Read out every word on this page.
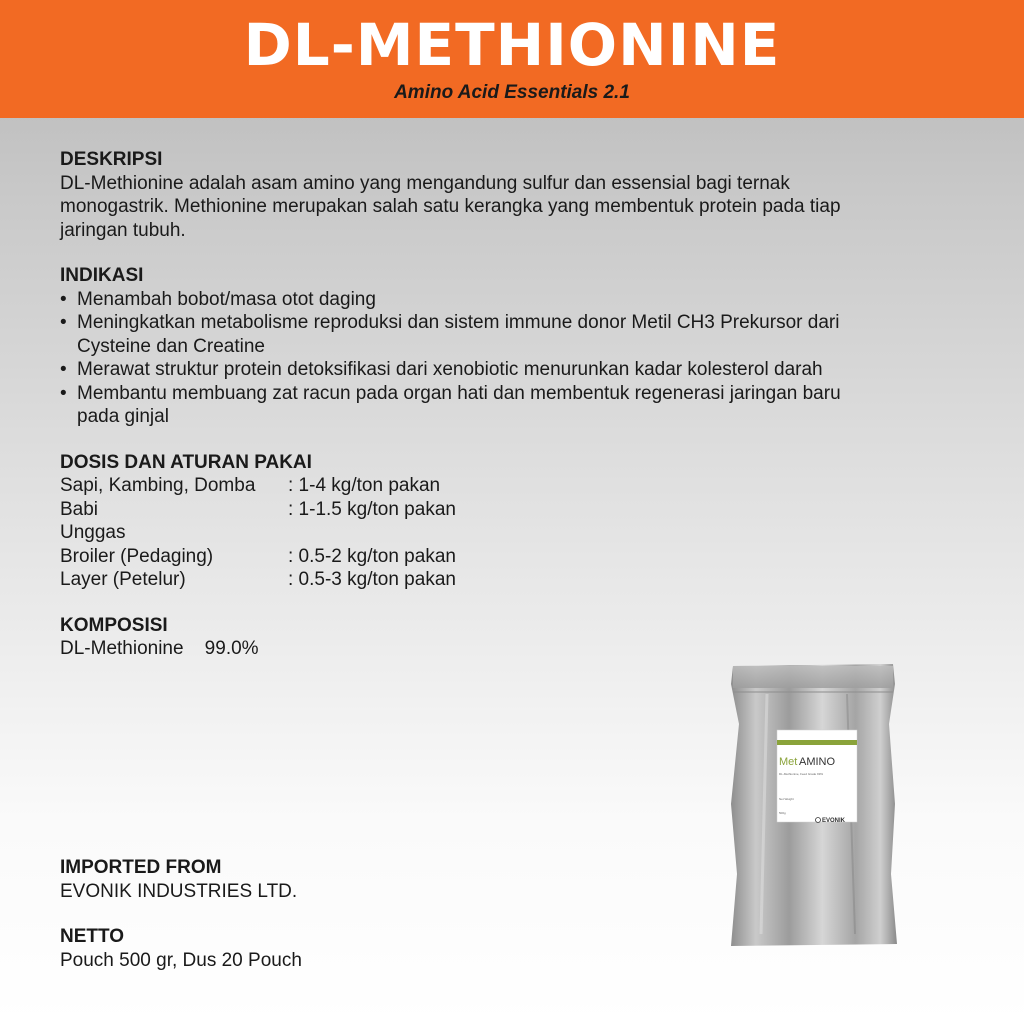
DL-METHIONINE
Amino Acid Essentials 2.1
DESKRIPSI
DL-Methionine adalah asam amino yang mengandung sulfur dan essensial bagi ternak
monogastrik. Methionine merupakan salah satu kerangka yang membentuk protein pada tiap
jaringan tubuh.
INDIKASI
• Menambah bobot/masa otot daging
• Meningkatkan metabolisme reproduksi dan sistem immune donor Metil CH3 Prekursor dari
Cysteine dan Creatine
• Merawat struktur protein detoksifikasi dari xenobiotic menurunkan kadar kolesterol darah
• Membantu membuang zat racun pada organ hati dan membentuk regenerasi jaringan baru
pada ginjal
DOSIS DAN ATURAN PAKAI
Sapi, Kambing, Domba	: 1-4 kg/ton pakan
Babi	: 1-1.5 kg/ton pakan
Unggas
Broiler (Pedaging)	: 0.5-2 kg/ton pakan
Layer (Petelur)	: 0.5-3 kg/ton pakan
KOMPOSISI
DL-Methionine    99.0%
IMPORTED FROM
EVONIK INDUSTRIES LTD.
NETTO
Pouch 500 gr, Dus 20 Pouch
Met AMINO
DL-Methionine, Feed Grade 99%
Net Weight
500g
EVONIK
